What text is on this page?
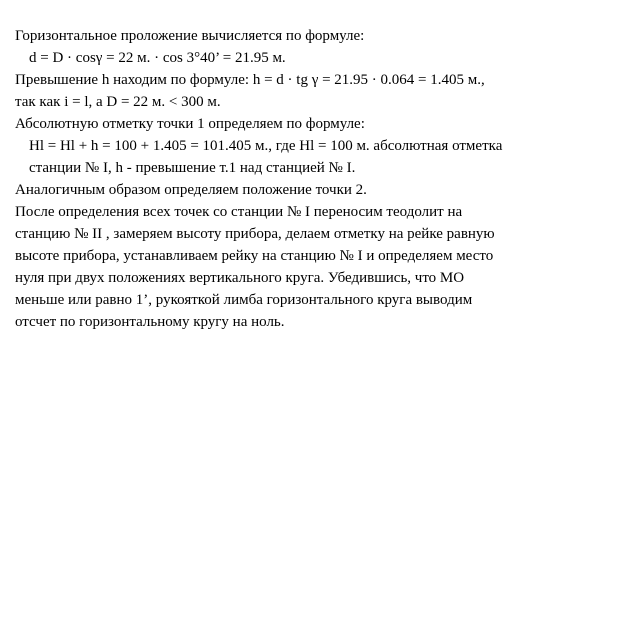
Горизонтальное проложение вычисляется по формуле:
d = D · cosγ = 22 м. · cos 3°40’ = 21.95 м.
Превышение h находим по формуле: h = d · tg γ = 21.95 · 0.064 = 1.405 м.,
так как i = l, а D = 22 м. < 300 м.
Абсолютную отметку точки 1 определяем по формуле:
Hl = Hl + h = 100 + 1.405 = 101.405 м., где Hl = 100 м. абсолютная отметка
станции № I, h - превышение т.1 над станцией № I.
Аналогичным образом определяем положение точки 2.
После определения всех точек со станции № I переносим теодолит на
станцию № II , замеряем высоту прибора, делаем отметку на рейке равную
высоте прибора, устанавливаем рейку на станцию № I и определяем место
нуля при двух положениях вертикального круга. Убедившись, что МО
меньше или равно 1’, рукояткой лимба горизонтального круга выводим
отсчет по горизонтальному кругу на ноль.
